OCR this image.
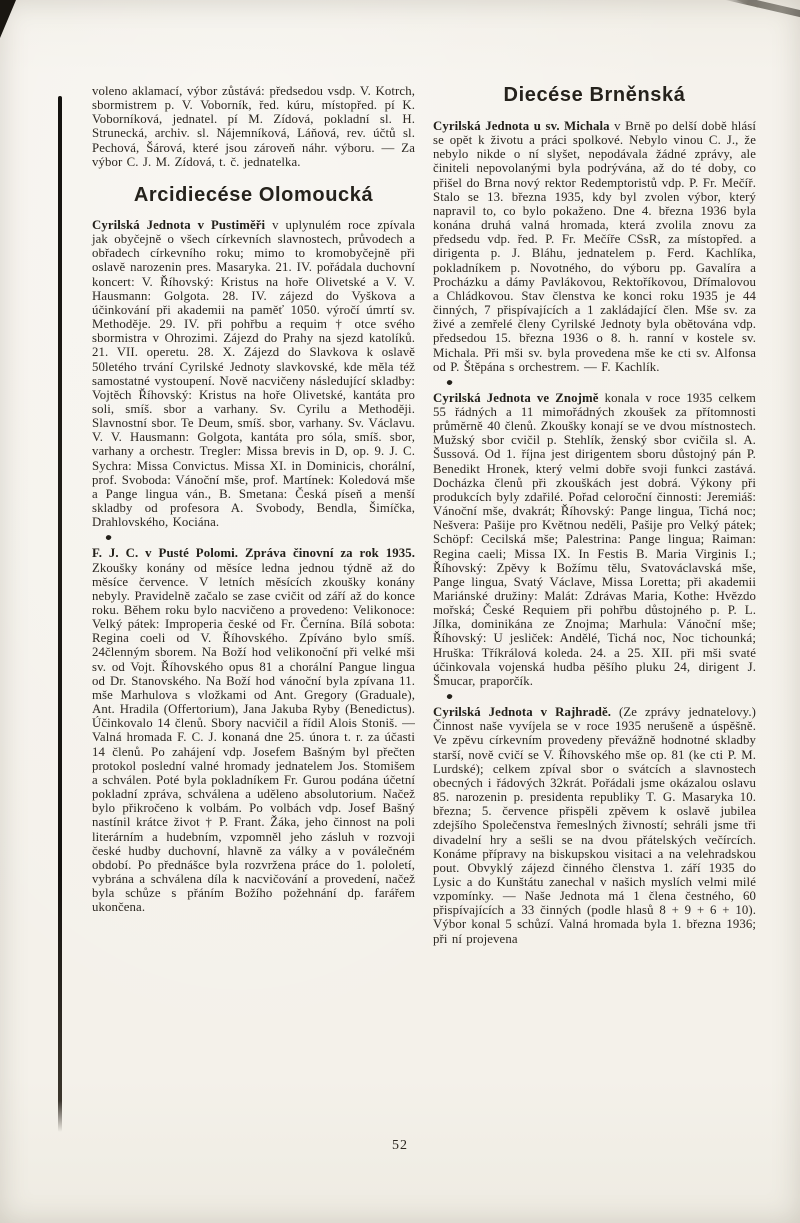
voleno aklamací, výbor zůstává: předsedou vsdp. V. Kotrch, sbormistrem p. V. Voborník, řed. kúru, místopřed. pí K. Voborníková, jednatel. pí M. Zídová, pokladní sl. H. Strunecká, archiv. sl. Nájemníková, Láňová, rev. účtů sl. Pechová, Šárová, které jsou zároveň náhr. výboru. — Za výbor C. J. M. Zídová, t. č. jednatelka.

Arcidiecése Olomoucká

Cyrilská Jednota v Pustiměři v uplynulém roce zpívala jak obyčejně o všech církevních slavnostech, průvodech a obřadech církevního roku; mimo to kromobyčejně při oslavě narozenin pres. Masaryka. 21. IV. pořádala duchovní koncert: V. Říhovský: Kristus na hoře Olivetské a V. V. Hausmann: Golgota. 28. IV. zájezd do Vyškova a účinkování při akademii na paměť 1050. výročí úmrtí sv. Methoděje. 29. IV. při pohřbu a requim † otce svého sbormistra v Ohrozimi. Zájezd do Prahy na sjezd katolíků. 21. VII. operetu. 28. X. Zájezd do Slavkova k oslavě 50letého trvání Cyrilské Jednoty slavkovské, kde měla též samostatné vystoupení. Nově nacvičeny následující skladby: Vojtěch Říhovský: Kristus na hoře Olivetské, kantáta pro soli, smíš. sbor a varhany. Sv. Cyrilu a Methoději. Slavnostní sbor. Te Deum, smíš. sbor, varhany. Sv. Václavu. V. V. Hausmann: Golgota, kantáta pro sóla, smíš. sbor, varhany a orchestr. Tregler: Missa brevis in D, op. 9. J. C. Sychra: Missa Convictus. Missa XI. in Dominicis, chorální, prof. Svoboda: Vánoční mše, prof. Martínek: Koledová mše a Pange lingua ván., B. Smetana: Česká píseň a menší skladby od profesora A. Svobody, Bendla, Šimíčka, Drahlovského, Kociána.

F. J. C. v Pusté Polomi. Zpráva činovní za rok 1935. Zkoušky konány od měsíce ledna jednou týdně až do měsíce července. V letních měsících zkoušky konány nebyly. Pravidelně začalo se zase cvičit od září až do konce roku. Během roku bylo nacvičeno a provedeno: Velikonoce: Velký pátek: Improperia české od Fr. Černína. Bílá sobota: Regina coeli od V. Říhovského. Zpíváno bylo smíš. 24členným sborem. Na Boží hod velikonoční při velké mši sv. od Vojt. Říhovského opus 81 a chorální Pangue lingua od Dr. Stanovského. Na Boží hod vánoční byla zpívana 11. mše Marhulova s vložkami od Ant. Gregory (Graduale), Ant. Hradila (Offertorium), Jana Jakuba Ryby (Benedictus). Účinkovalo 14 členů. Sbory nacvičil a řídil Alois Stoniš. — Valná hromada F. C. J. konaná dne 25. února t. r. za účasti 14 členů. Po zahájení vdp. Josefem Bašným byl přečten protokol poslední valné hromady jednatelem Jos. Stomišem a schválen. Poté byla pokladníkem Fr. Gurou podána účetní pokladní zpráva, schválena a uděleno absolutorium. Načež bylo přikročeno k volbám. Po volbách vdp. Josef Bašný nastínil krátce život † P. Frant. Žáka, jeho činnost na poli literárním a hudebním, vzpomněl jeho zásluh v rozvoji české hudby duchovní, hlavně za války a v poválečném období. Po přednášce byla rozvržena práce do 1. pololetí, vybrána a schválena díla k nacvičování a provedení, načež byla schůze s přáním Božího požehnání dp. farářem ukončena.

Diecése Brněnská

Cyrilská Jednota u sv. Michala v Brně po delší době hlásí se opět k životu a práci spolkové. Nebylo vinou C. J., že nebylo nikde o ní slyšet, nepodávala žádné zprávy, ale činiteli nepovolanými byla podrývána, až do té doby, co přišel do Brna nový rektor Redemptoristů vdp. P. Fr. Mečíř. Stalo se 13. března 1935, kdy byl zvolen výbor, který napravil to, co bylo pokaženo. Dne 4. března 1936 byla konána druhá valná hromada, která zvolila znovu za předsedu vdp. řed. P. Fr. Mečíře CSsR, za místopřed. a dirigenta p. J. Bláhu, jednatelem p. Ferd. Kachlíka, pokladníkem p. Novotného, do výboru pp. Gavalíra a Procházku a dámy Pavlákovou, Rektoříkovou, Dřímalovou a Chládkovou. Stav členstva ke konci roku 1935 je 44 činných, 7 přispívajících a 1 zakládající člen. Mše sv. za živé a zemřelé členy Cyrilské Jednoty byla obětována vdp. předsedou 15. března 1936 o 8. h. ranní v kostele sv. Michala. Při mši sv. byla provedena mše ke cti sv. Alfonsa od P. Štěpána s orchestrem. — F. Kachlík.

Cyrilská Jednota ve Znojmě konala v roce 1935 celkem 55 řádných a 11 mimořádných zkoušek za přítomnosti průměrně 40 členů. Zkoušky konají se ve dvou místnostech. Mužský sbor cvičil p. Stehlík, ženský sbor cvičila sl. A. Šussová. Od 1. října jest dirigentem sboru důstojný pán P. Benedikt Hronek, který velmi dobře svoji funkci zastává. Docházka členů při zkouškách jest dobrá. Výkony při produkcích byly zdařilé. Pořad celoroční činnosti: Jeremiáš: Vánoční mše, dvakrát; Říhovský: Pange lingua, Tichá noc; Nešvera: Pašije pro Květnou neděli, Pašije pro Velký pátek; Schöpf: Cecilská mše; Palestrina: Pange lingua; Raiman: Regina caeli; Missa IX. In Festis B. Maria Virginis I.; Říhovský: Zpěvy k Božímu tělu, Svatováclavská mše, Pange lingua, Svatý Václave, Missa Loretta; při akademii Mariánské družiny: Malát: Zdrávas Maria, Kothe: Hvězdo mořská; České Requiem při pohřbu důstojného p. P. L. Jílka, dominikána ze Znojma; Marhula: Vánoční mše; Říhovský: U jesliček: Andělé, Tichá noc, Noc tichounká; Hruška: Tříkrálová koleda. 24. a 25. XII. při mši svaté účinkovala vojenská hudba pěšího pluku 24, dirigent J. Šmucar, praporčík.

Cyrilská Jednota v Rajhradě. (Ze zprávy jednatelovy.) Činnost naše vyvíjela se v roce 1935 nerušeně a úspěšně. Ve zpěvu církevním provedeny převážně hodnotné skladby starší, nově cvičí se V. Říhovského mše op. 81 (ke cti P. M. Lurdské); celkem zpíval sbor o svátcích a slavnostech obecných i řádových 32krát. Pořádali jsme okázalou oslavu 85. narozenin p. presidenta republiky T. G. Masaryka 10. března; 5. července přispěli zpěvem k oslavě jubilea zdejšího Společenstva řemeslných živností; sehráli jsme tři divadelní hry a sešli se na dvou přátelských večírcích. Konáme přípravy na biskupskou visitaci a na velehradskou pout. Obvyklý zájezd činného členstva 1. září 1935 do Lysic a do Kunštátu zanechal v našich myslích velmi milé vzpomínky. — Naše Jednota má 1 člena čestného, 60 přispívajících a 33 činných (podle hlasů 8 + 9 + 6 + 10). Výbor konal 5 schůzí. Valná hromada byla 1. března 1936; při ní projevena

52
